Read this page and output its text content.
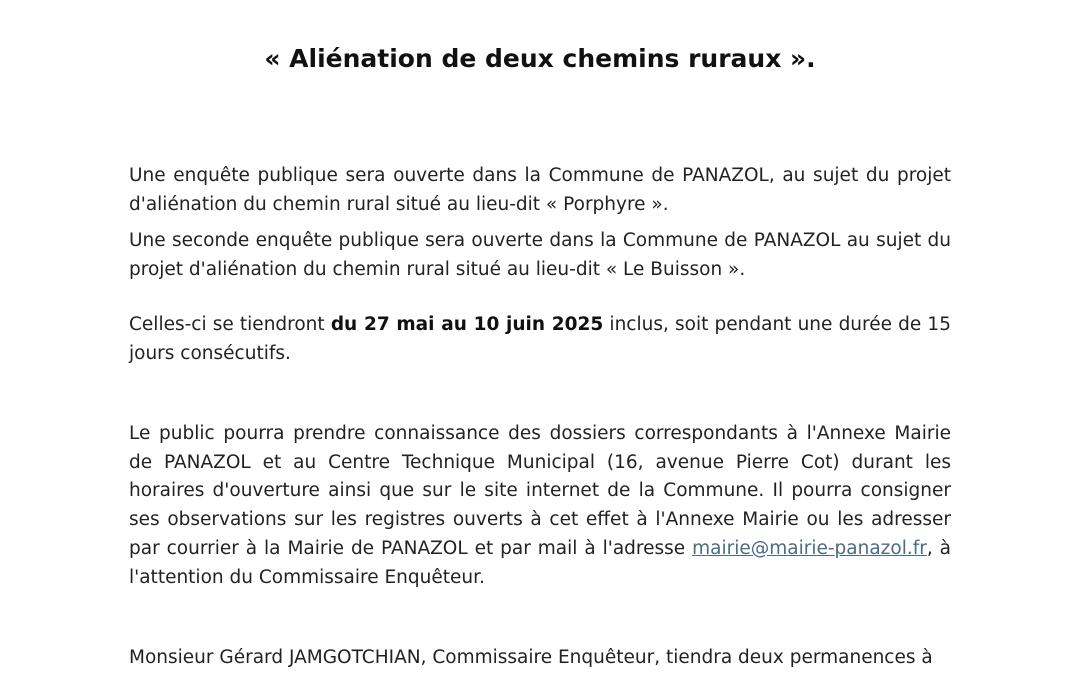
« Aliénation de deux chemins ruraux ».

Une enquête publique sera ouverte dans la Commune de PANAZOL, au sujet du projet d'aliénation du chemin rural situé au lieu-dit « Porphyre ».

Une seconde enquête publique sera ouverte dans la Commune de PANAZOL au sujet du projet d'aliénation du chemin rural situé au lieu-dit « Le Buisson ».

Celles-ci se tiendront du 27 mai au 10 juin 2025 inclus, soit pendant une durée de 15 jours consécutifs.

Le public pourra prendre connaissance des dossiers correspondants à l'Annexe Mairie de PANAZOL et au Centre Technique Municipal (16, avenue Pierre Cot) durant les horaires d'ouverture ainsi que sur le site internet de la Commune. Il pourra consigner ses observations sur les registres ouverts à cet effet à l'Annexe Mairie ou les adresser par courrier à la Mairie de PANAZOL et par mail à l'adresse mairie@mairie-panazol.fr, à l'attention du Commissaire Enquêteur.

Monsieur Gérard JAMGOTCHIAN, Commissaire Enquêteur, tiendra deux permanences à
